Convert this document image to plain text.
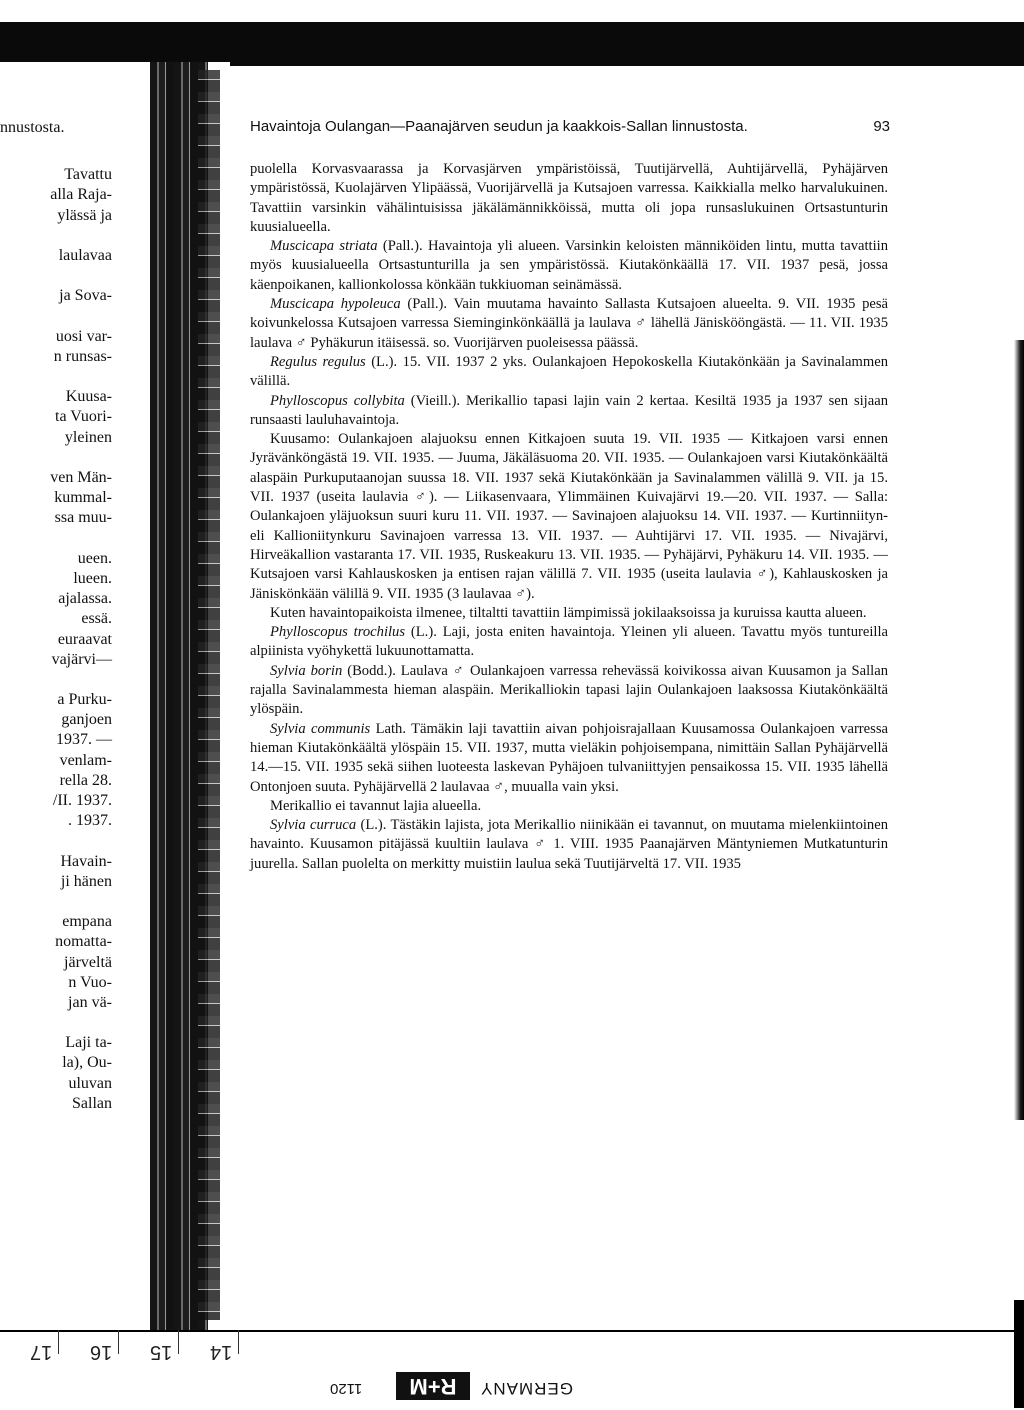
nnustosta.
Tavattu
alla Raja-
ylässä ja
laulavaa
ja Sova-
uosi var-
n runsas-
Kuusa-
ta Vuori-
yleinen
ven Män-
kummal-
ssa muu-
ueen.
lueen.
ajalassa.
essä.
euraavat
vajärvi—
a Purku-
ganjoen
1937. —
venlam-
rella 28.
/II. 1937.
. 1937.
Havain-
ji hänen
empana
nomatta-
järveltä
n Vuo-
jan vä-
Laji ta-
la), Ou-
uluvan
Sallan
Havaintoja Oulangan—Paanajärven seudun ja kaakkois-Sallan linnustosta.	93

puolella Korvasvaarassa ja Korvasjärven ympäristöissä, Tuutijärvellä, Auhtijärvellä, Pyhäjärven ympäristössä, Kuolajärven Ylipäässä, Vuorijärvellä ja Kutsajoen varressa. Kaikkialla melko harvalukuinen. Tavattiin varsinkin vähälintuisissa jäkälämännikköissä, mutta oli jopa runsaslukuinen Ortsastunturin kuusialueella.

Muscicapa striata (Pall.). Havaintoja yli alueen. Varsinkin keloisten männiköiden lintu, mutta tavattiin myös kuusialueella Ortsastunturilla ja sen ympäristössä. Kiutakönkäällä 17. VII. 1937 pesä, jossa käenpoikanen, kallionkolossa könkään tukkiuoman seinämässä.

Muscicapa hypoleuca (Pall.). Vain muutama havainto Sallasta Kutsajoen alueelta. 9. VII. 1935 pesä koivunkelossa Kutsajoen varressa Sieminginkönkäällä ja laulava ♂ lähellä Jäniskööngästä. — 11. VII. 1935 laulava ♂ Pyhäkurun itäisessä. so. Vuorijärven puoleisessa päässä.

Regulus regulus (L.). 15. VII. 1937 2 yks. Oulankajoen Hepokoskella Kiutakönkään ja Savinalammen välillä.

Phylloscopus collybita (Vieill.). Merikallio tapasi lajin vain 2 kertaa. Kesiltä 1935 ja 1937 sen sijaan runsaasti lauluhavaintoja.

Kuusamo: Oulankajoen alajuoksu ennen Kitkajoen suuta 19. VII. 1935 — Kitkajoen varsi ennen Jyrävänköngästä 19. VII. 1935. — Juuma, Jäkäläsuoma 20. VII. 1935. — Oulankajoen varsi Kiutakönkäältä alaspäin Purkuputaanojan suussa 18. VII. 1937 sekä Kiutakönkään ja Savinalammen välillä 9. VII. ja 15. VII. 1937 (useita laulavia ♂). — Liikasenvaara, Ylimmäinen Kuivajärvi 19.—20. VII. 1937. — Salla: Oulankajoen yläjuoksun suuri kuru 11. VII. 1937. — Savinajoen alajuoksu 14. VII. 1937. — Kurtinniityn- eli Kallioniitynkuru Savinajoen varressa 13. VII. 1937. — Auhtijärvi 17. VII. 1935. — Nivajärvi, Hirveäkallion vastaranta 17. VII. 1935, Ruskeakuru 13. VII. 1935. — Pyhäjärvi, Pyhäkuru 14. VII. 1935. — Kutsajoen varsi Kahlauskosken ja entisen rajan välillä 7. VII. 1935 (useita laulavia ♂), Kahlauskosken ja Jäniskönkään välillä 9. VII. 1935 (3 laulavaa ♂).

Kuten havaintopaikoista ilmenee, tiltaltti tavattiin lämpimissä jokilaaksoissa ja kuruissa kautta alueen.

Phylloscopus trochilus (L.). Laji, josta eniten havaintoja. Yleinen yli alueen. Tavattu myös tuntureilla alpiinista vyöhykettä lukuunottamatta.

Sylvia borin (Bodd.). Laulava ♂ Oulankajoen varressa rehevässä koivikossa aivan Kuusamon ja Sallan rajalla Savinalammesta hieman alaspäin. Merikalliokin tapasi lajin Oulankajoen laaksossa Kiutakönkäältä ylöspäin.

Sylvia communis Lath. Tämäkin laji tavattiin aivan pohjoisrajallaan Kuusamossa Oulankajoen varressa hieman Kiutakönkäältä ylöspäin 15. VII. 1937, mutta vieläkin pohjoisempana, nimittäin Sallan Pyhäjärvellä 14.—15. VII. 1935 sekä siihen luoteesta laskevan Pyhäjoen tulvaniittyjen pensaikossa 15. VII. 1935 lähellä Ontonjoen suuta. Pyhäjärvellä 2 laulavaa ♂, muualla vain yksi.

Merikallio ei tavannut lajia alueella.

Sylvia curruca (L.). Tästäkin lajista, jota Merikallio niinikään ei tavannut, on muutama mielenkiintoinen havainto. Kuusamon pitäjässä kuultiin laulava ♂ 1. VIII. 1935 Paanajärven Mäntyniemen Mutkatunturin juurella. Sallan puolelta on merkitty muistiin laulua sekä Tuutijärveltä 17. VII. 1935

17 16 15 14
1120	R+M	GERMANY
